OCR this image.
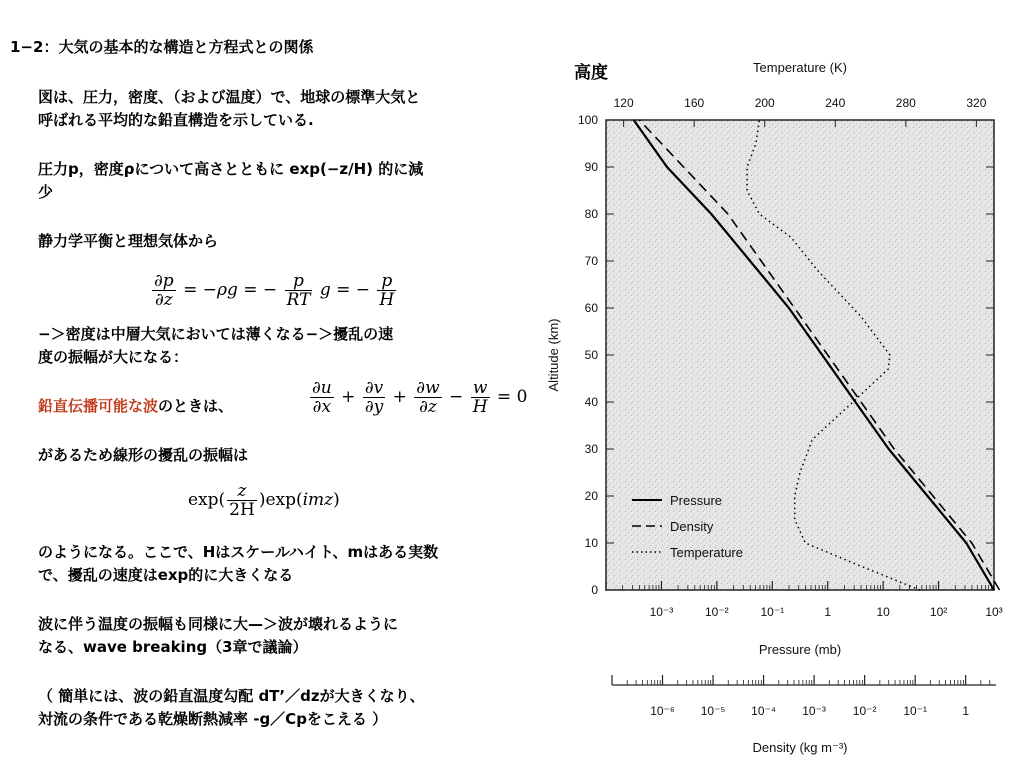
1−2：大気の基本的な構造と方程式との関係
図は、圧力，密度、（および温度）で、地球の標準大気と
呼ばれる平均的な鉛直構造を示している.
圧力p，密度ρについて高さとともに exp(−z/H) 的に減
少
静力学平衡と理想気体から
$\frac{\partial p}{\partial z} = -\rho g$ = − $\frac{p}{RT}$ g = − $\frac{p}{H}$
−＞密度は中層大気においては薄くなる−＞擾乱の速
度の振幅が大になる：
鉛直伝播可能な波のときは、	$\frac{\partial u}{\partial x} + \frac{\partial v}{\partial y} + \frac{\partial w}{\partial z} - \frac{w}{H} = 0$
があるため線形の擾乱の振幅は
$\exp( \frac{z}{2H} )\exp(imz)$
のようになる。ここで、Hはスケールハイト、mはある実数
で、擾乱の速度はexp的に大きくなる
波に伴う温度の振幅も同様に大—＞波が壊れるように
なる、wave breaking（3章で議論）
（ 簡単には、波の鉛直温度勾配 dT’／dzが大きくなり、
対流の条件である乾燥断熱減率 -g／Cpをこえる ）
高度
120	160	200	240	280	320
0
10
20
30
40
50
60
70
80
90
100
10⁻³	10⁻²	10⁻¹	1	10	10²	10³
10⁻⁶ 10⁻⁵ 10⁻⁴ 10⁻³ 10⁻² 10⁻¹	1
Temperature (K)
Altitude (km)
Pressure (mb)
Density (kg m⁻³)
Pressure
Density
Temperature
